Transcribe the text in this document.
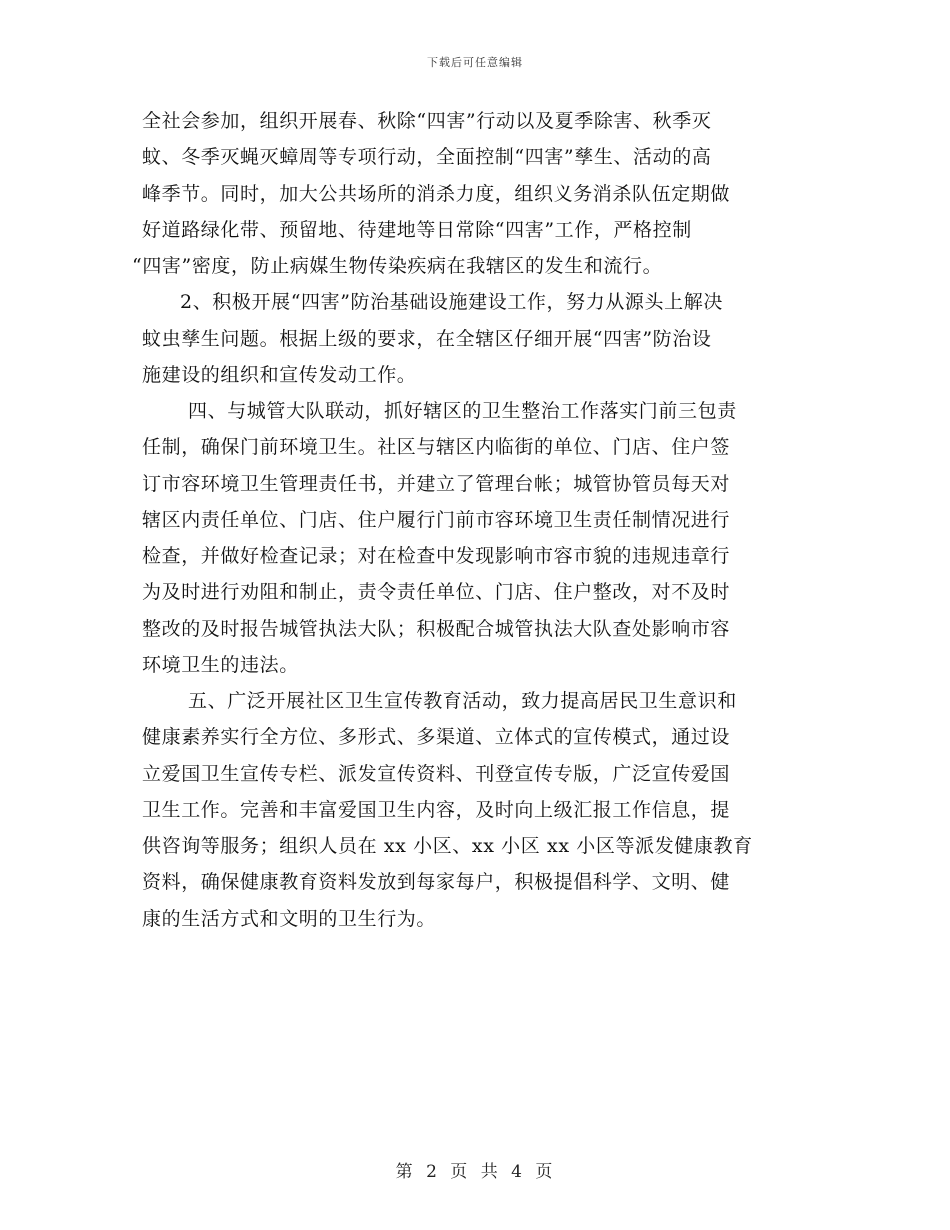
下载后可任意编辑
全社会参加，组织开展春、秋除“四害”行动以及夏季除害、秋季灭
蚊、冬季灭蝇灭蟑周等专项行动，全面控制“四害”孳生、活动的高
峰季节。同时，加大公共场所的消杀力度，组织义务消杀队伍定期做
好道路绿化带、预留地、待建地等日常除“四害”工作，严格控制
“四害”密度，防止病媒生物传染疾病在我辖区的发生和流行。
2、积极开展“四害”防治基础设施建设工作，努力从源头上解决
蚊虫孳生问题。根据上级的要求，在全辖区仔细开展“四害”防治设
施建设的组织和宣传发动工作。
四、与城管大队联动，抓好辖区的卫生整治工作落实门前三包责
任制，确保门前环境卫生。社区与辖区内临街的单位、门店、住户签
订市容环境卫生管理责任书，并建立了管理台帐；城管协管员每天对
辖区内责任单位、门店、住户履行门前市容环境卫生责任制情况进行
检查，并做好检查记录；对在检查中发现影响市容市貌的违规违章行
为及时进行劝阻和制止，责令责任单位、门店、住户整改，对不及时
整改的及时报告城管执法大队；积极配合城管执法大队查处影响市容
环境卫生的违法。
五、广泛开展社区卫生宣传教育活动，致力提高居民卫生意识和
健康素养实行全方位、多形式、多渠道、立体式的宣传模式，通过设
立爱国卫生宣传专栏、派发宣传资料、刊登宣传专版，广泛宣传爱国
卫生工作。完善和丰富爱国卫生内容，及时向上级汇报工作信息，提
供咨询等服务；组织人员在 xx 小区、xx 小区 xx 小区等派发健康教育
资料，确保健康教育资料发放到每家每户，积极提倡科学、文明、健
康的生活方式和文明的卫生行为。
第 2 页 共 4 页
